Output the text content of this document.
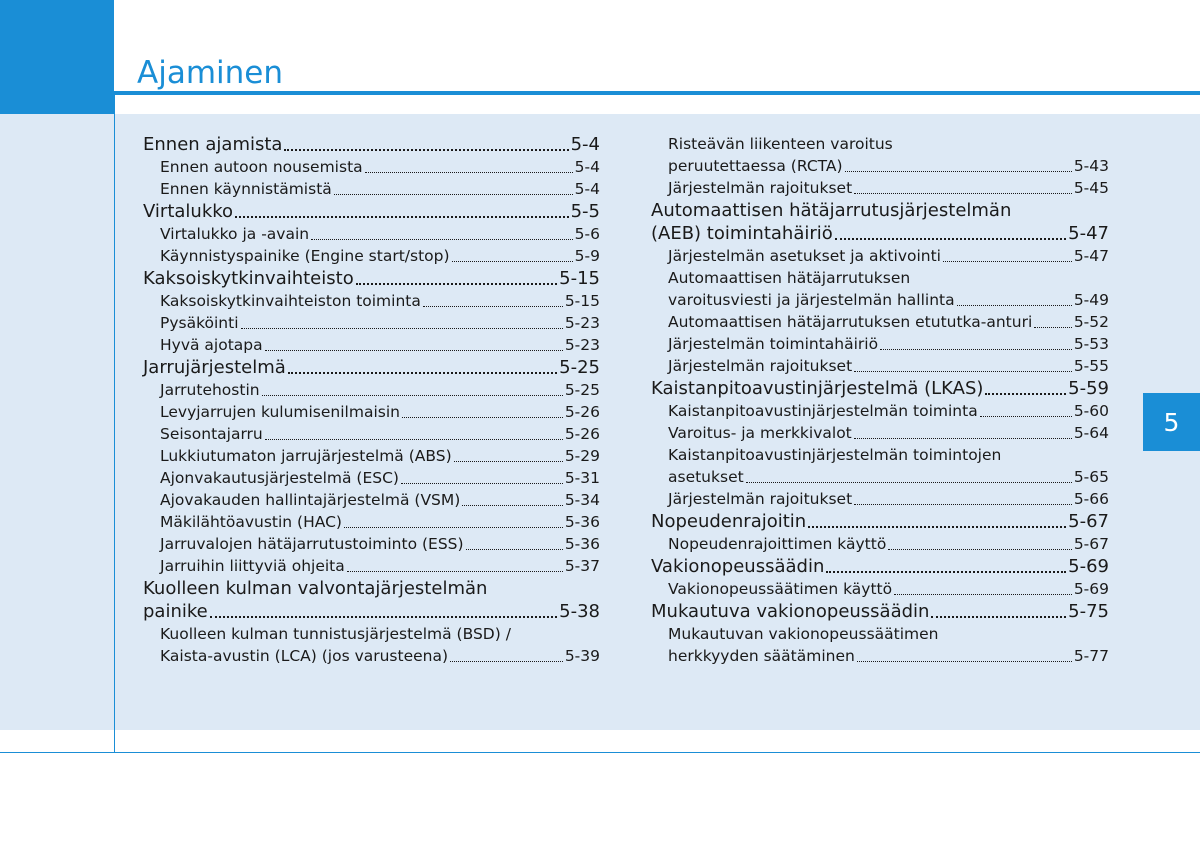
Ajaminen
5
Ennen ajamista	5-4
Ennen autoon nousemista	5-4
Ennen käynnistämistä	5-4
Virtalukko	5-5
Virtalukko ja -avain	5-6
Käynnistyspainike (Engine start/stop)	5-9
Kaksoiskytkinvaihteisto	5-15
Kaksoiskytkinvaihteiston toiminta	5-15
Pysäköinti	5-23
Hyvä ajotapa	5-23
Jarrujärjestelmä	5-25
Jarrutehostin	5-25
Levyjarrujen kulumisenilmaisin	5-26
Seisontajarru	5-26
Lukkiutumaton jarrujärjestelmä (ABS)	5-29
Ajonvakautusjärjestelmä (ESC)	5-31
Ajovakauden hallintajärjestelmä (VSM)	5-34
Mäkilähtöavustin (HAC)	5-36
Jarruvalojen hätäjarrutustoiminto (ESS)	5-36
Jarruihin liittyviä ohjeita	5-37
Kuolleen kulman valvontajärjestelmän
painike	5-38
Kuolleen kulman tunnistusjärjestelmä (BSD) /
Kaista-avustin (LCA) (jos varusteena)	5-39
Risteävän liikenteen varoitus
peruutettaessa (RCTA)	5-43
Järjestelmän rajoitukset	5-45
Automaattisen hätäjarrutusjärjestelmän
(AEB) toimintahäiriö	5-47
Järjestelmän asetukset ja aktivointi	5-47
Automaattisen hätäjarrutuksen
varoitusviesti ja järjestelmän hallinta	5-49
Automaattisen hätäjarrutuksen etututka-anturi	5-52
Järjestelmän toimintahäiriö	5-53
Järjestelmän rajoitukset	5-55
Kaistanpitoavustinjärjestelmä (LKAS)	5-59
Kaistanpitoavustinjärjestelmän toiminta	5-60
Varoitus- ja merkkivalot	5-64
Kaistanpitoavustinjärjestelmän toimintojen
asetukset	5-65
Järjestelmän rajoitukset	5-66
Nopeudenrajoitin	5-67
Nopeudenrajoittimen käyttö	5-67
Vakionopeussäädin	5-69
Vakionopeussäätimen käyttö	5-69
Mukautuva vakionopeussäädin	5-75
Mukautuvan vakionopeussäätimen
herkkyyden säätäminen	5-77
